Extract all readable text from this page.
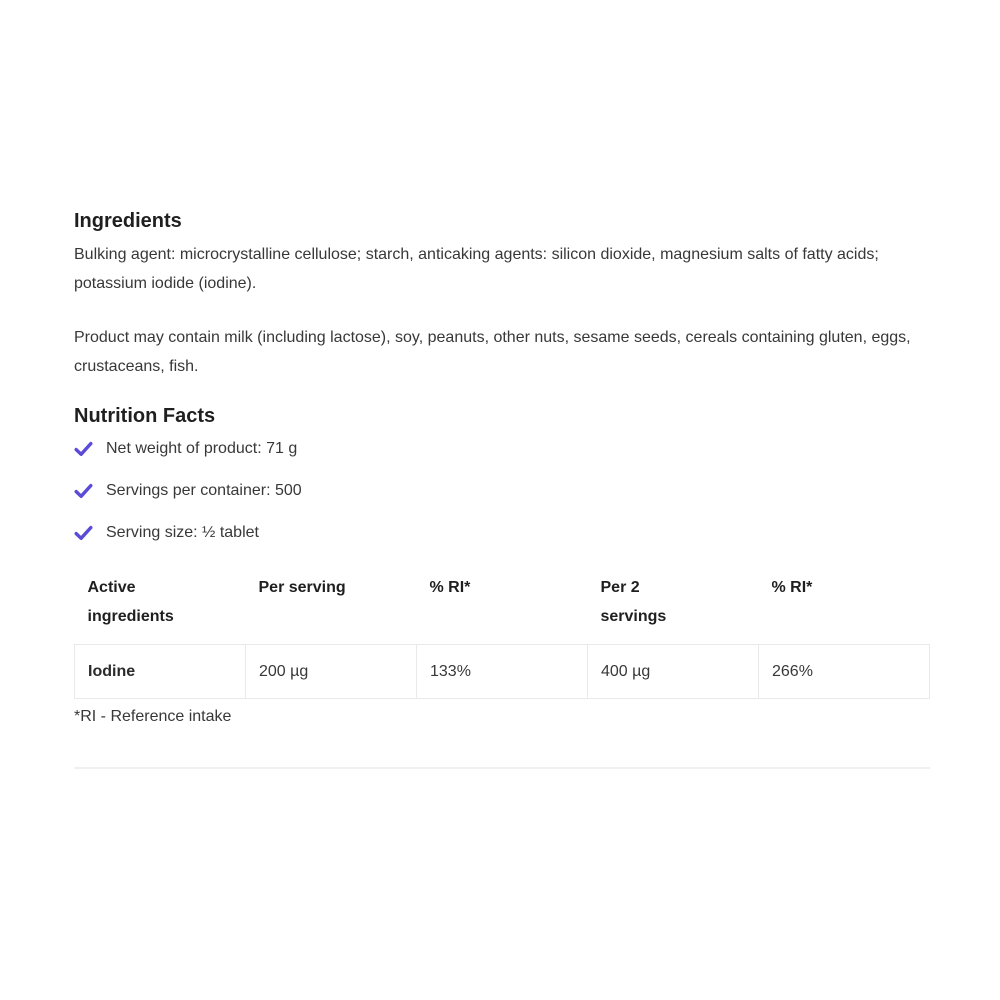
Ingredients

Bulking agent: microcrystalline cellulose; starch, anticaking agents: silicon dioxide, magnesium salts of fatty acids; potassium iodide (iodine).

Product may contain milk (including lactose), soy, peanuts, other nuts, sesame seeds, cereals containing gluten, eggs, crustaceans, fish.

Nutrition Facts
Net weight of product: 71 g
Servings per container: 500
Serving size: ½ tablet
Active ingredients	Per serving	% RI*	Per 2 servings	% RI*
Iodine	200 µg	133%	400 µg	266%

*RI - Reference intake
